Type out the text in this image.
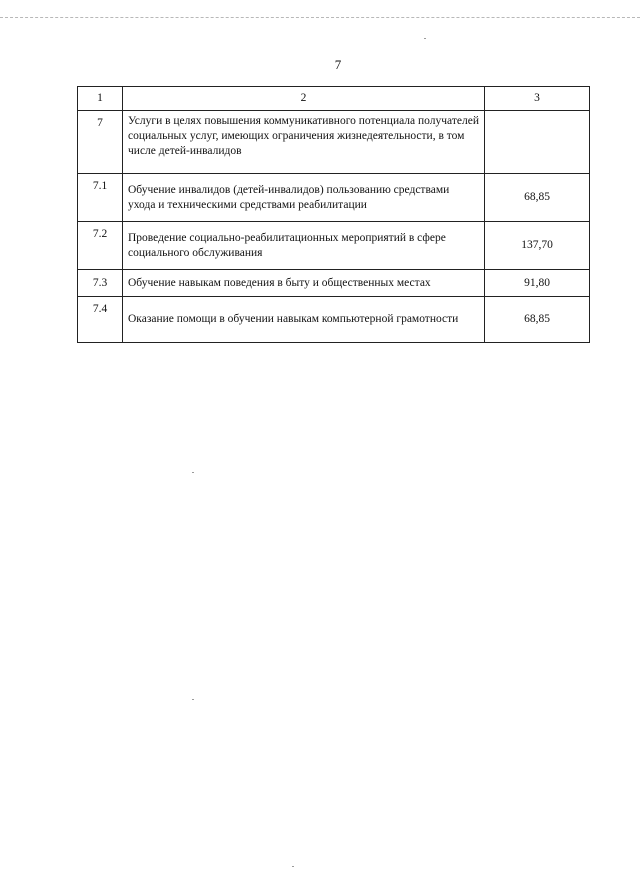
7
1	2	3
7	Услуги в целях повышения коммуникативного потенциала получателей социальных услуг, имеющих ограничения жизнедеятельности, в том числе детей-инвалидов	
7.1	Обучение инвалидов (детей-инвалидов) пользованию средствами ухода и техническими средствами реабилитации	68,85
7.2	Проведение социально-реабилитационных мероприятий в сфере социального обслуживания	137,70
7.3	Обучение навыкам поведения в быту и общественных местах	91,80
7.4	Оказание помощи в обучении навыкам компьютерной грамотности	68,85
